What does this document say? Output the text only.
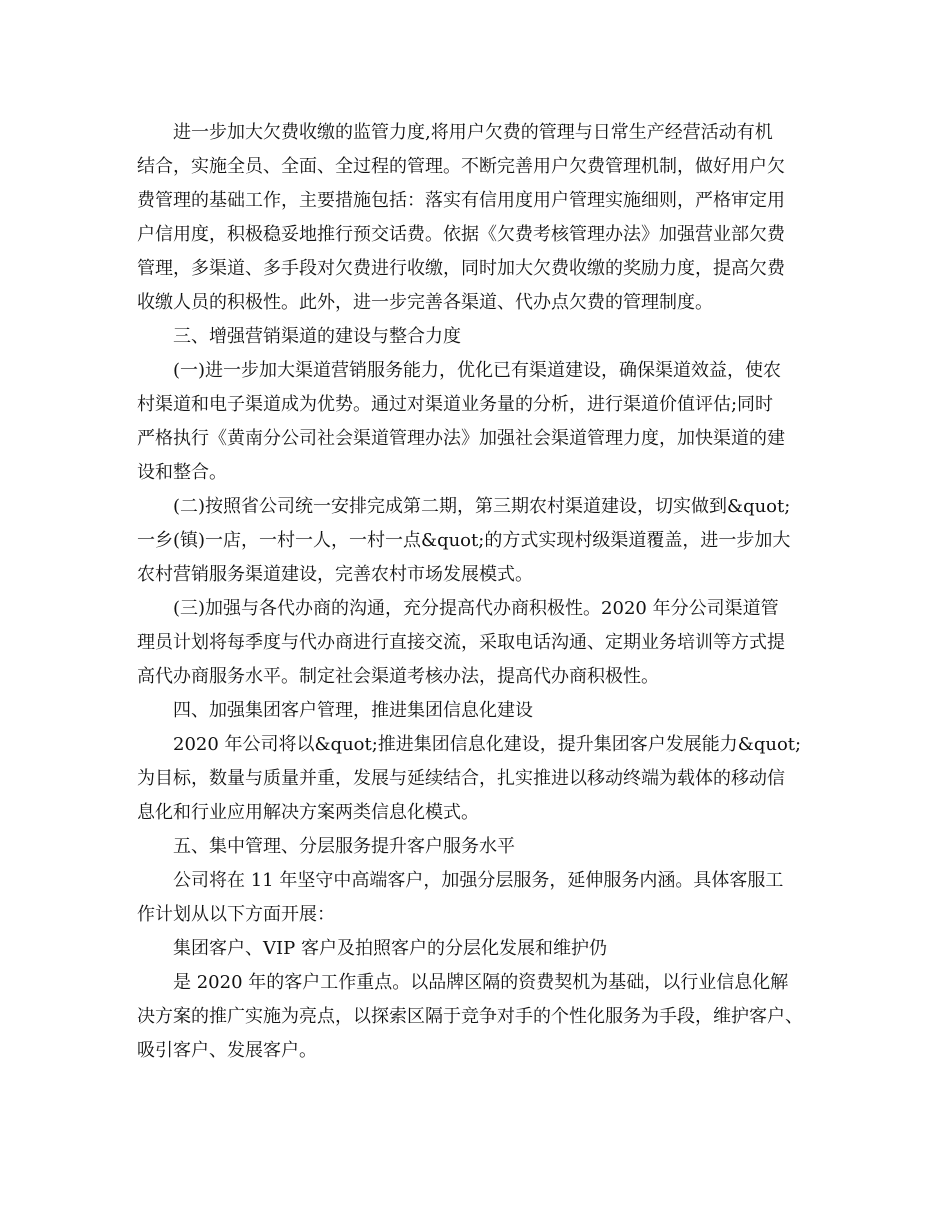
进一步加大欠费收缴的监管力度,将用户欠费的管理与日常生产经营活动有机
结合，实施全员、全面、全过程的管理。不断完善用户欠费管理机制，做好用户欠
费管理的基础工作，主要措施包括：落实有信用度用户管理实施细则，严格审定用
户信用度，积极稳妥地推行预交话费。依据《欠费考核管理办法》加强营业部欠费
管理，多渠道、多手段对欠费进行收缴，同时加大欠费收缴的奖励力度，提高欠费
收缴人员的积极性。此外，进一步完善各渠道、代办点欠费的管理制度。
三、增强营销渠道的建设与整合力度
(一)进一步加大渠道营销服务能力，优化已有渠道建设，确保渠道效益，使农
村渠道和电子渠道成为优势。通过对渠道业务量的分析，进行渠道价值评估;同时
严格执行《黄南分公司社会渠道管理办法》加强社会渠道管理力度，加快渠道的建
设和整合。
(二)按照省公司统一安排完成第二期，第三期农村渠道建设，切实做到&quot;
一乡(镇)一店，一村一人，一村一点&quot;的方式实现村级渠道覆盖，进一步加大
农村营销服务渠道建设，完善农村市场发展模式。
(三)加强与各代办商的沟通，充分提高代办商积极性。2020 年分公司渠道管
理员计划将每季度与代办商进行直接交流，采取电话沟通、定期业务培训等方式提
高代办商服务水平。制定社会渠道考核办法，提高代办商积极性。
四、加强集团客户管理，推进集团信息化建设
2020 年公司将以&quot;推进集团信息化建设，提升集团客户发展能力&quot;
为目标，数量与质量并重，发展与延续结合，扎实推进以移动终端为载体的移动信
息化和行业应用解决方案两类信息化模式。
五、集中管理、分层服务提升客户服务水平
公司将在 11 年坚守中高端客户，加强分层服务，延伸服务内涵。具体客服工
作计划从以下方面开展：
集团客户、VIP 客户及拍照客户的分层化发展和维护仍
是 2020 年的客户工作重点。以品牌区隔的资费契机为基础，以行业信息化解
决方案的推广实施为亮点，以探索区隔于竞争对手的个性化服务为手段，维护客户、
吸引客户、发展客户。
